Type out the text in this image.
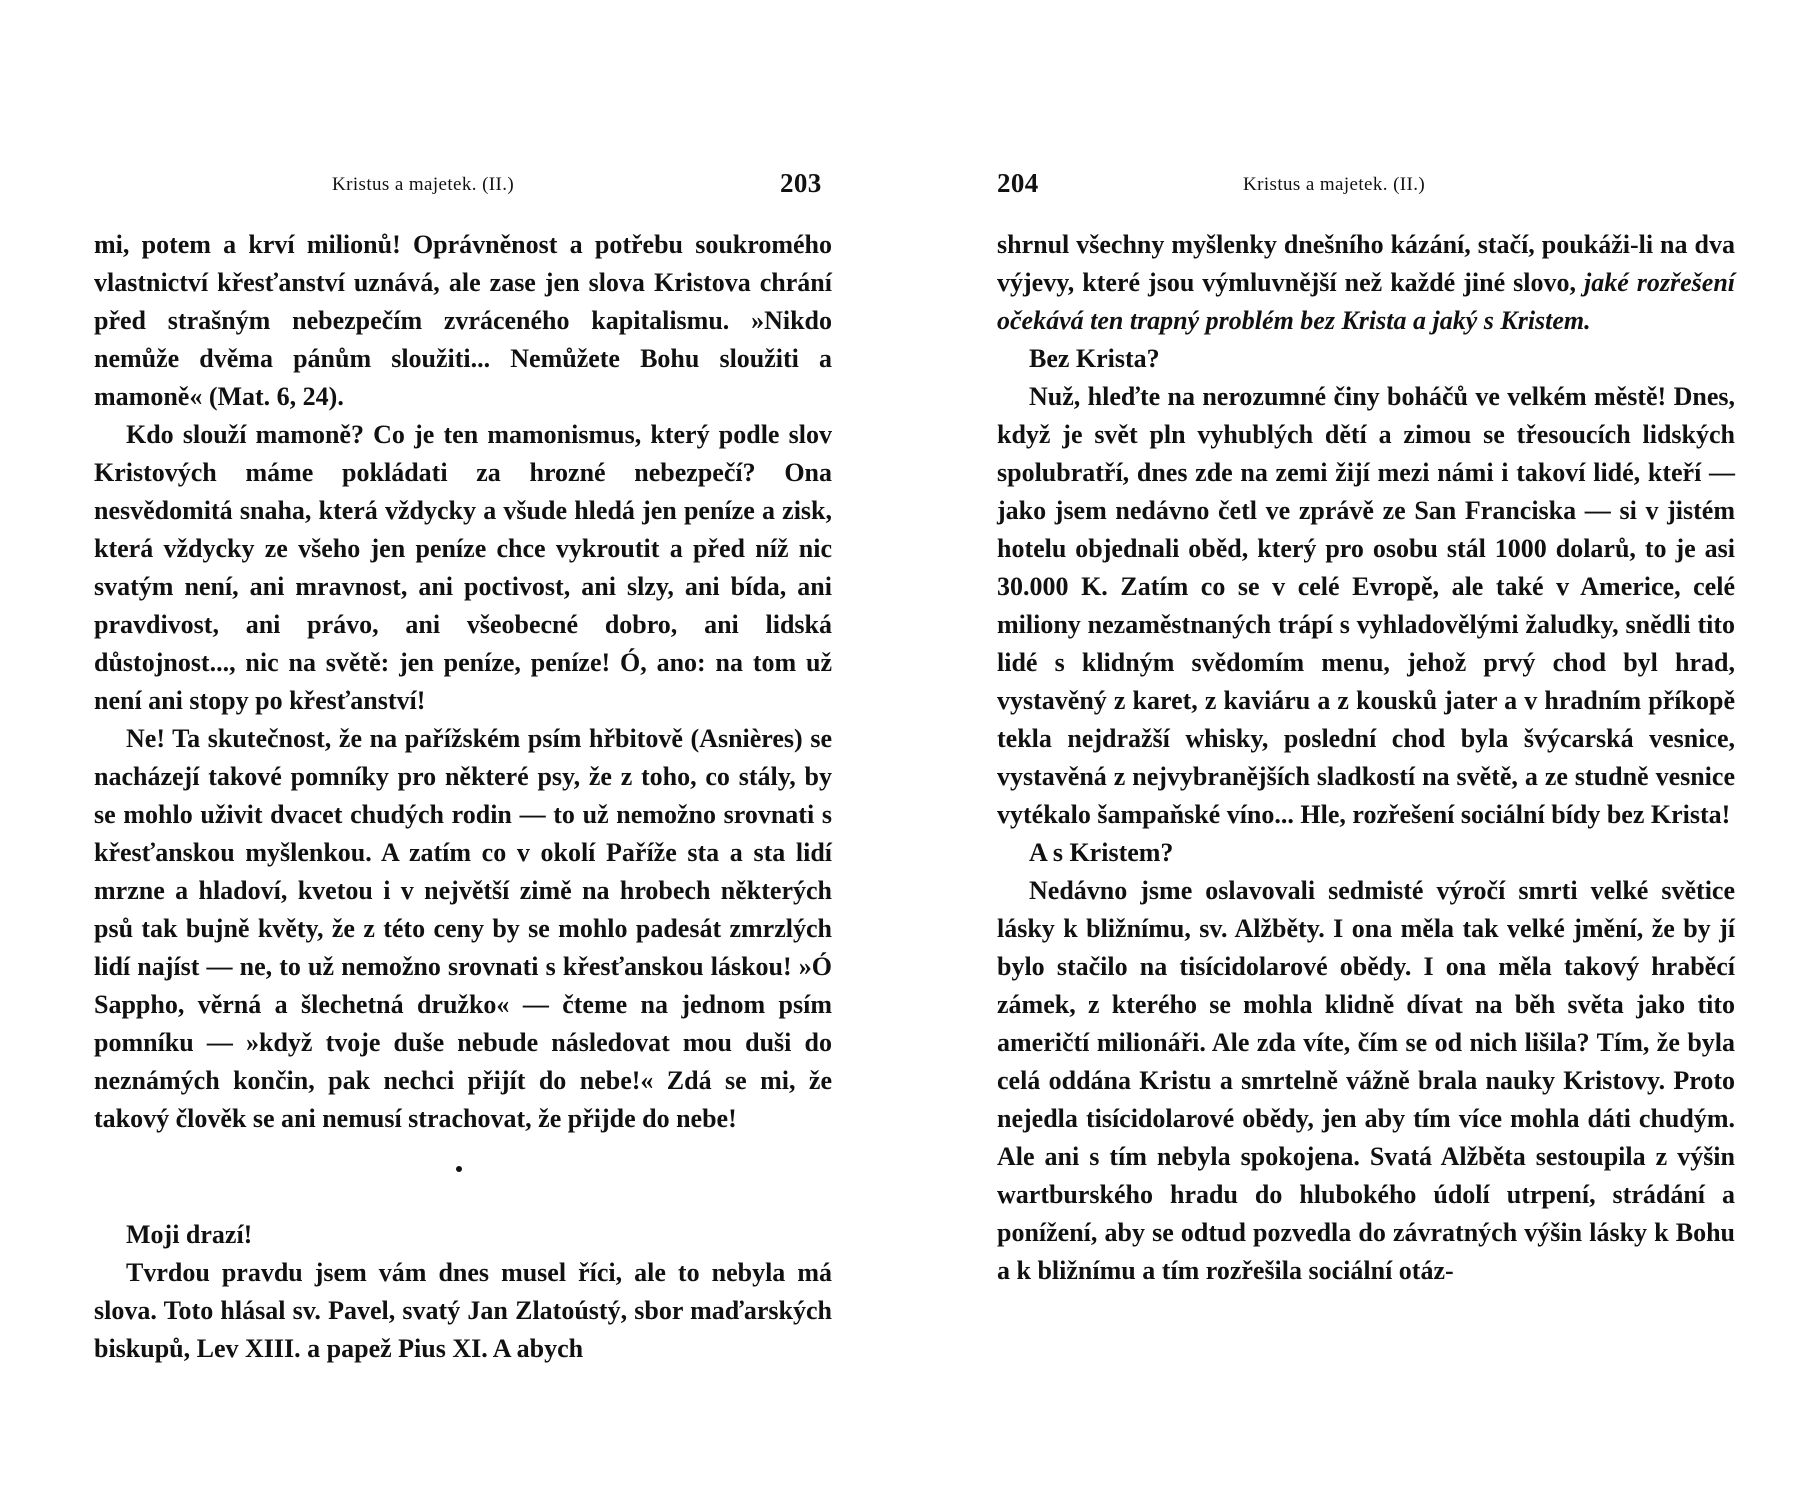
Kristus a majetek. (II.)	203

mi, potem a krví milionů! Oprávněnost a potřebu soukromého vlastnictví křesťanství uznává, ale zase jen slova Kristova chrání před strašným nebezpečím zvráceného kapitalismu. »Nikdo nemůže dvěma pánům sloužiti... Nemůžete Bohu sloužiti a mamoně« (Mat. 6, 24).

Kdo slouží mamoně? Co je ten mamonismus, který podle slov Kristových máme pokládati za hrozné nebezpečí? Ona nesvědomitá snaha, která vždycky a všude hledá jen peníze a zisk, která vždycky ze všeho jen peníze chce vykroutit a před níž nic svatým není, ani mravnost, ani poctivost, ani slzy, ani bída, ani pravdivost, ani právo, ani všeobecné dobro, ani lidská důstojnost..., nic na světě: jen peníze, peníze! Ó, ano: na tom už není ani stopy po křesťanství!

Ne! Ta skutečnost, že na pařížském psím hřbitově (Asnières) se nacházejí takové pomníky pro některé psy, že z toho, co stály, by se mohlo uživit dvacet chudých rodin — to už nemožno srovnati s křesťanskou myšlenkou. A zatím co v okolí Paříže sta a sta lidí mrzne a hladoví, kvetou i v největší zimě na hrobech některých psů tak bujně květy, že z této ceny by se mohlo padesát zmrzlých lidí najíst — ne, to už nemožno srovnati s křesťanskou láskou! »Ó Sappho, věrná a šlechetná družko« — čteme na jednom psím pomníku — »když tvoje duše nebude následovat mou duši do neznámých končin, pak nechci přijít do nebe!« Zdá se mi, že takový člověk se ani nemusí strachovat, že přijde do nebe!

Moji drazí!

Tvrdou pravdu jsem vám dnes musel říci, ale to nebyla má slova. Toto hlásal sv. Pavel, svatý Jan Zlatoústý, sbor maďarských biskupů, Lev XIII. a papež Pius XI. A abych

204	Kristus a majetek. (II.)

shrnul všechny myšlenky dnešního kázání, stačí, poukáži-li na dva výjevy, které jsou výmluvnější než každé jiné slovo, jaké rozřešení očekává ten trapný problém bez Krista a jaký s Kristem.

Bez Krista?

Nuž, hleďte na nerozumné činy boháčů ve velkém městě! Dnes, když je svět pln vyhublých dětí a zimou se třesoucích lidských spolubratří, dnes zde na zemi žijí mezi námi i takoví lidé, kteří — jako jsem nedávno četl ve zprávě ze San Franciska — si v jistém hotelu objednali oběd, který pro osobu stál 1000 dolarů, to je asi 30.000 K. Zatím co se v celé Evropě, ale také v Americe, celé miliony nezaměstnaných trápí s vyhladovělými žaludky, snědli tito lidé s klidným svědomím menu, jehož prvý chod byl hrad, vystavěný z karet, z kaviáru a z kousků jater a v hradním příkopě tekla nejdražší whisky, poslední chod byla švýcarská vesnice, vystavěná z nejvybranějších sladkostí na světě, a ze studně vesnice vytékalo šampaňské víno... Hle, rozřešení sociální bídy bez Krista!

A s Kristem?

Nedávno jsme oslavovali sedmisté výročí smrti velké světice lásky k bližnímu, sv. Alžběty. I ona měla tak velké jmění, že by jí bylo stačilo na tisícidolarové obědy. I ona měla takový hraběcí zámek, z kterého se mohla klidně dívat na běh světa jako tito američtí milionáři. Ale zda víte, čím se od nich lišila? Tím, že byla celá oddána Kristu a smrtelně vážně brala nauky Kristovy. Proto nejedla tisícidolarové obědy, jen aby tím více mohla dáti chudým. Ale ani s tím nebyla spokojena. Svatá Alžběta sestoupila z výšin wartburského hradu do hlubokého údolí utrpení, strádání a ponížení, aby se odtud pozvedla do závratných výšin lásky k Bohu a k bližnímu a tím rozřešila sociální otáz-
